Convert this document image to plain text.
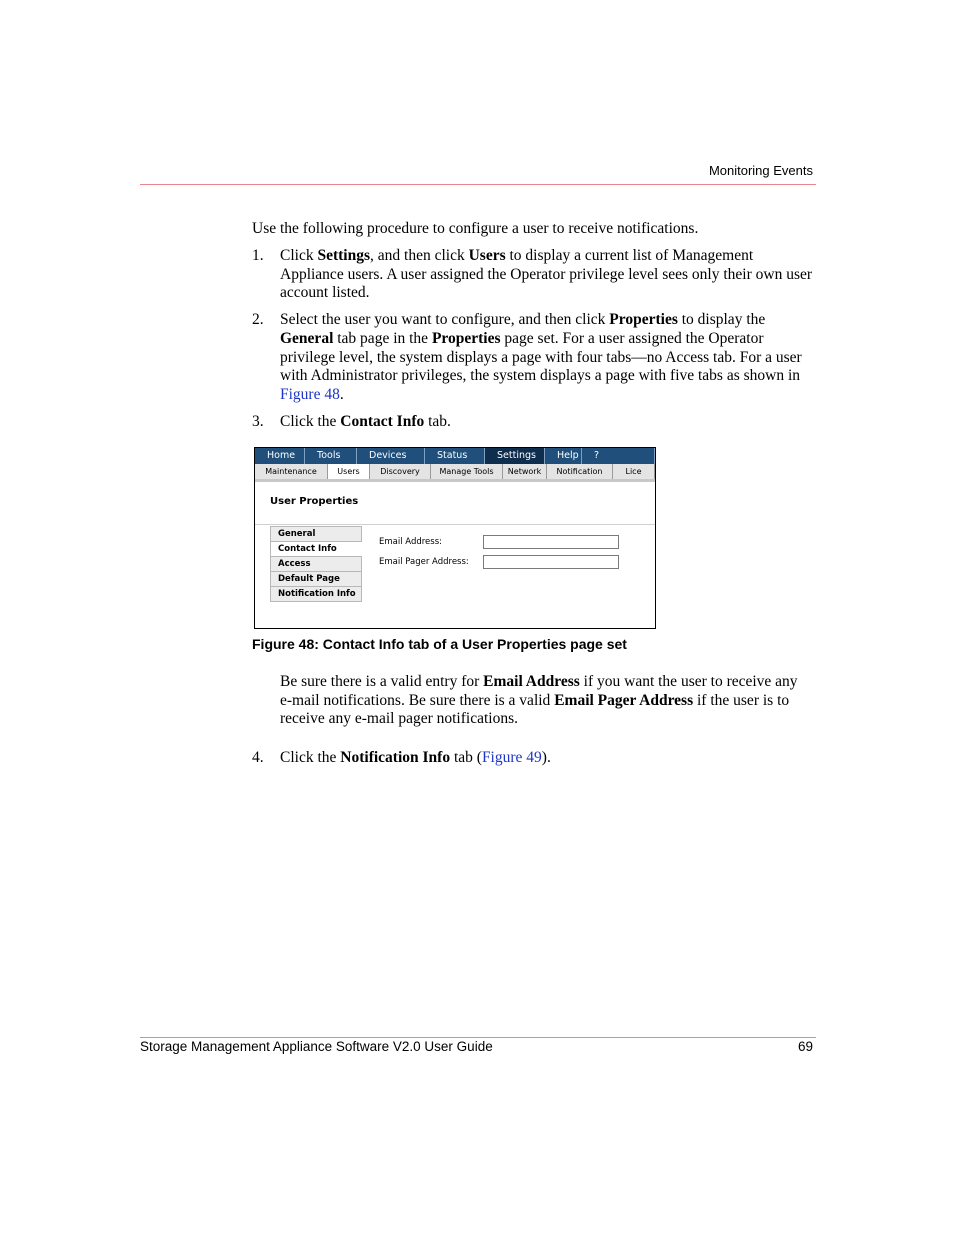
Monitoring Events
Use the following procedure to configure a user to receive notifications.
1.	Click Settings, and then click Users to display a current list of Management Appliance users. A user assigned the Operator privilege level sees only their own user account listed.
2.	Select the user you want to configure, and then click Properties to display the General tab page in the Properties page set. For a user assigned the Operator privilege level, the system displays a page with four tabs—no Access tab. For a user with Administrator privileges, the system displays a page with five tabs as shown in Figure 48.
3.	Click the Contact Info tab.
Home	Tools	Devices	Status	Settings	Help	?
Maintenance	Users	Discovery	Manage Tools	Network	Notification	Lice
User Properties
General
Contact Info
Access
Default Page
Notification Info
Email Address:
Email Pager Address:
Figure 48: Contact Info tab of a User Properties page set
Be sure there is a valid entry for Email Address if you want the user to receive any e-mail notifications. Be sure there is a valid Email Pager Address if the user is to receive any e-mail pager notifications.
4.	Click the Notification Info tab (Figure 49).
Storage Management Appliance Software V2.0 User Guide	69
